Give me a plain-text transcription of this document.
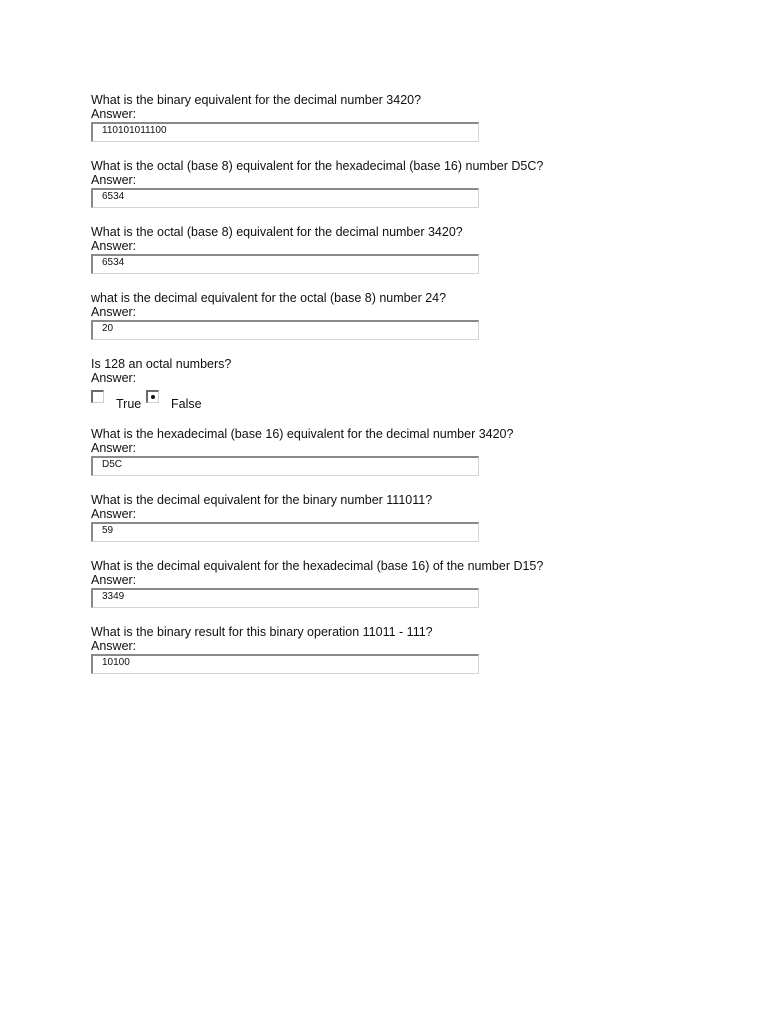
What is the binary equivalent for the decimal number 3420?
Answer:
110101011100
What is the octal (base 8) equivalent for the hexadecimal (base 16) number D5C?
Answer:
6534
What is the octal (base 8) equivalent for the decimal number 3420?
Answer:
6534
what is the decimal equivalent for the octal (base 8) number 24?
Answer:
20
Is 128 an octal numbers?
Answer:
True False
What is the hexadecimal (base 16) equivalent for the decimal number 3420?
Answer:
D5C
What is the decimal equivalent for the binary number 111011?
Answer:
59
What is the decimal equivalent for the hexadecimal (base 16) of the number D15?
Answer:
3349
What is the binary result for this binary operation 11011 - 111?
Answer:
10100
